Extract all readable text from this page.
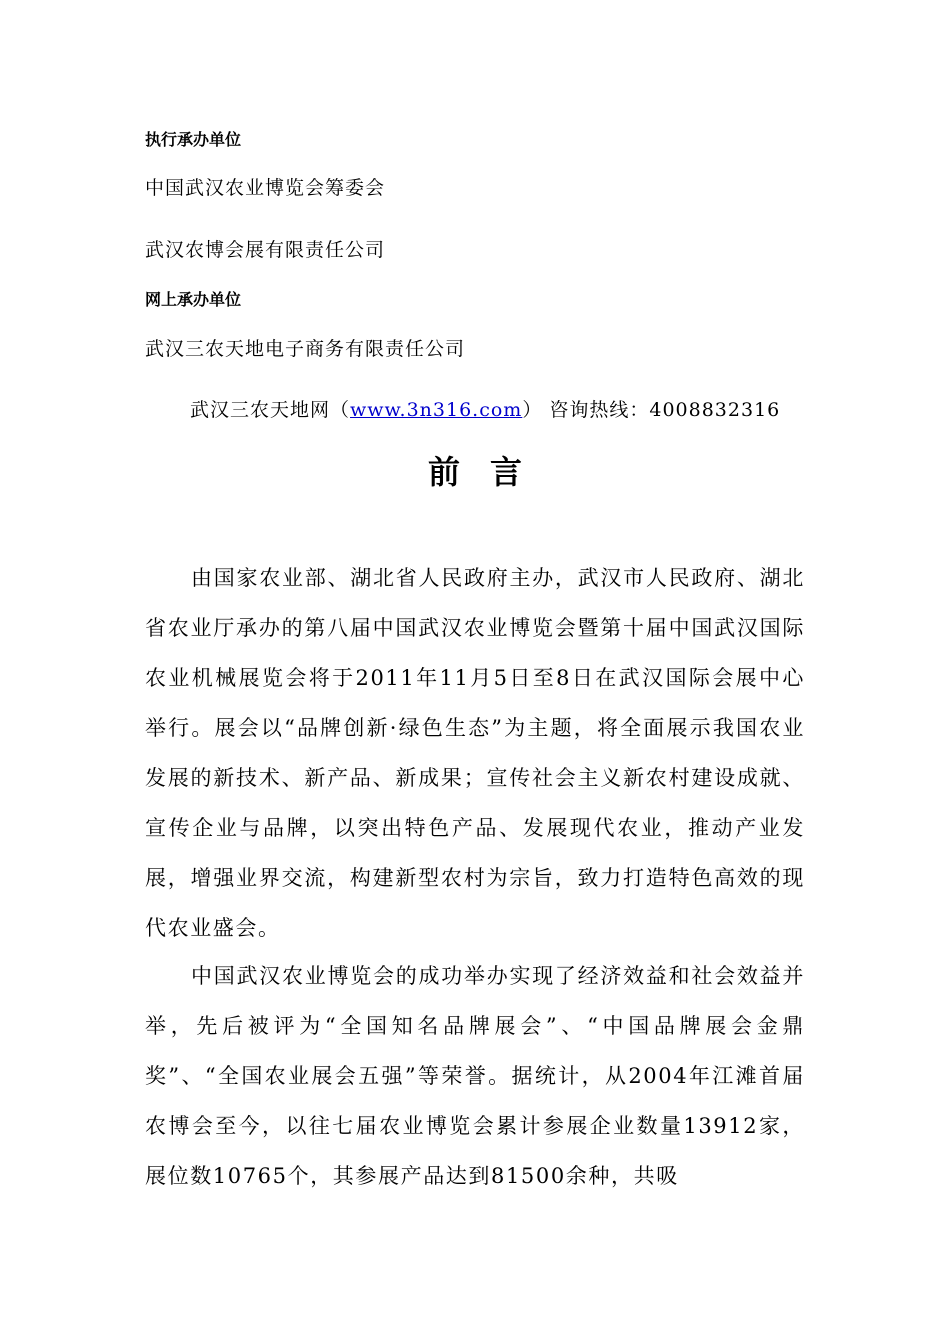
执行承办单位
中国武汉农业博览会筹委会
武汉农博会展有限责任公司
网上承办单位
武汉三农天地电子商务有限责任公司
武汉三农天地网（www.3n316.com） 咨询热线：4008832316
前言
由国家农业部、湖北省人民政府主办，武汉市人民政府、湖北省农业厅承办的第八届中国武汉农业博览会暨第十届中国武汉国际农业机械展览会将于2011年11月5日至8日在武汉国际会展中心举行。展会以“品牌创新·绿色生态”为主题，将全面展示我国农业发展的新技术、新产品、新成果；宣传社会主义新农村建设成就、宣传企业与品牌，以突出特色产品、发展现代农业，推动产业发展，增强业界交流，构建新型农村为宗旨，致力打造特色高效的现代农业盛会。
中国武汉农业博览会的成功举办实现了经济效益和社会效益并举，先后被评为“全国知名品牌展会”、“中国品牌展会金鼎奖”、“全国农业展会五强”等荣誉。据统计，从2004年江滩首届农博会至今，以往七届农业博览会累计参展企业数量13912家，展位数10765个，其参展产品达到81500余种，共吸
